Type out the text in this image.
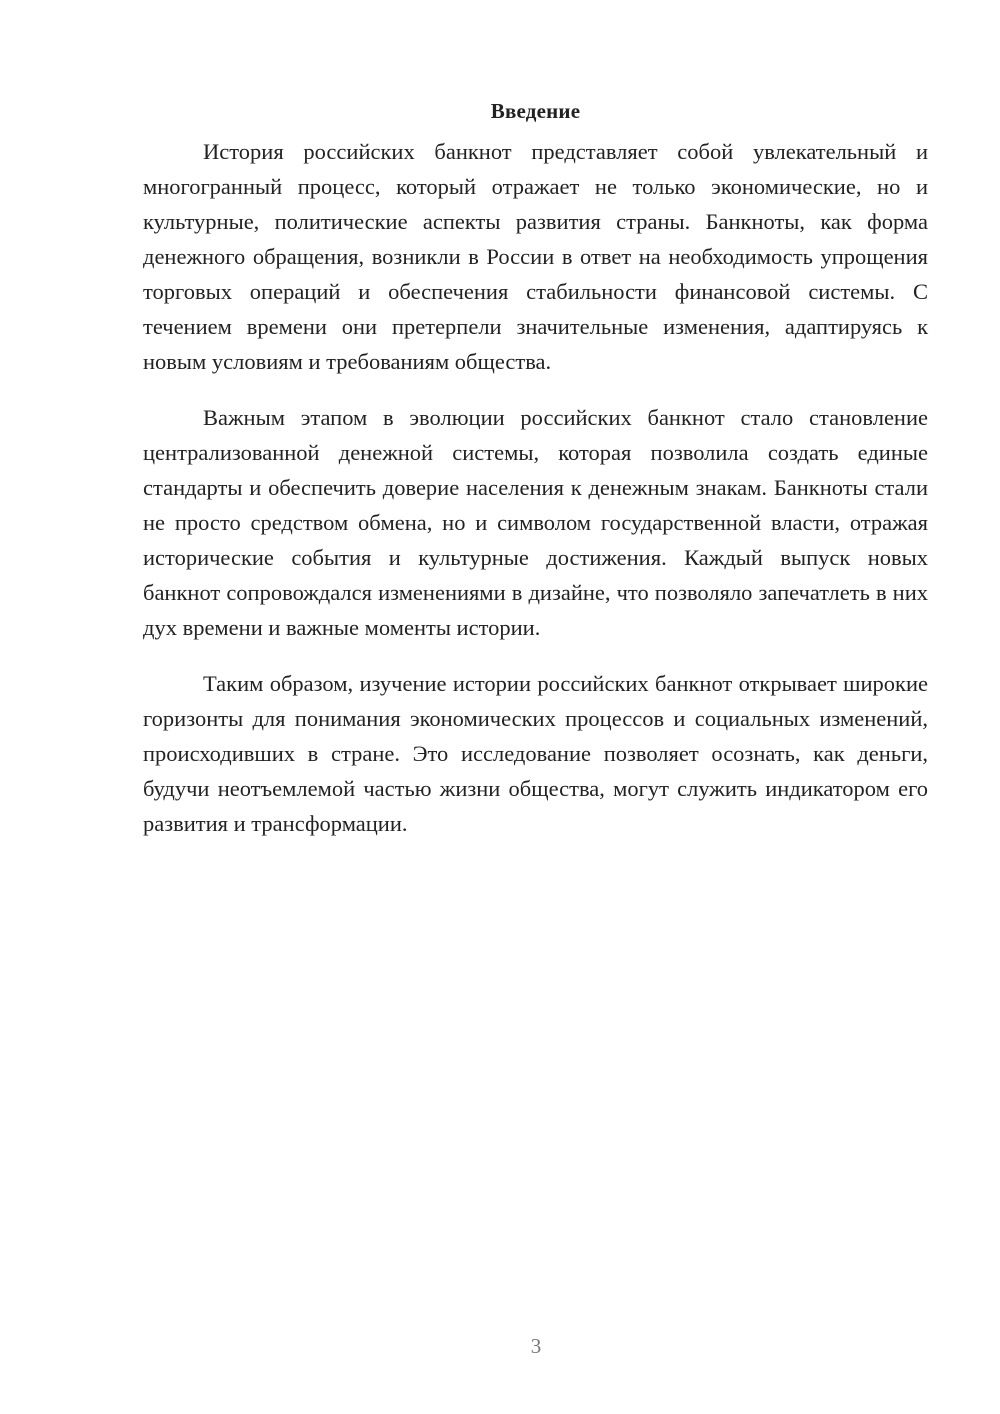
Введение

История российских банкнот представляет собой увлекательный и многогранный процесс, который отражает не только экономические, но и культурные, политические аспекты развития страны. Банкноты, как форма денежного обращения, возникли в России в ответ на необходимость упрощения торговых операций и обеспечения стабильности финансовой системы. С течением времени они претерпели значительные изменения, адаптируясь к новым условиям и требованиям общества.

Важным этапом в эволюции российских банкнот стало становление централизованной денежной системы, которая позволила создать единые стандарты и обеспечить доверие населения к денежным знакам. Банкноты стали не просто средством обмена, но и символом государственной власти, отражая исторические события и культурные достижения. Каждый выпуск новых банкнот сопровождался изменениями в дизайне, что позволяло запечатлеть в них дух времени и важные моменты истории.

Таким образом, изучение истории российских банкнот открывает широкие горизонты для понимания экономических процессов и социальных изменений, происходивших в стране. Это исследование позволяет осознать, как деньги, будучи неотъемлемой частью жизни общества, могут служить индикатором его развития и трансформации.

3
